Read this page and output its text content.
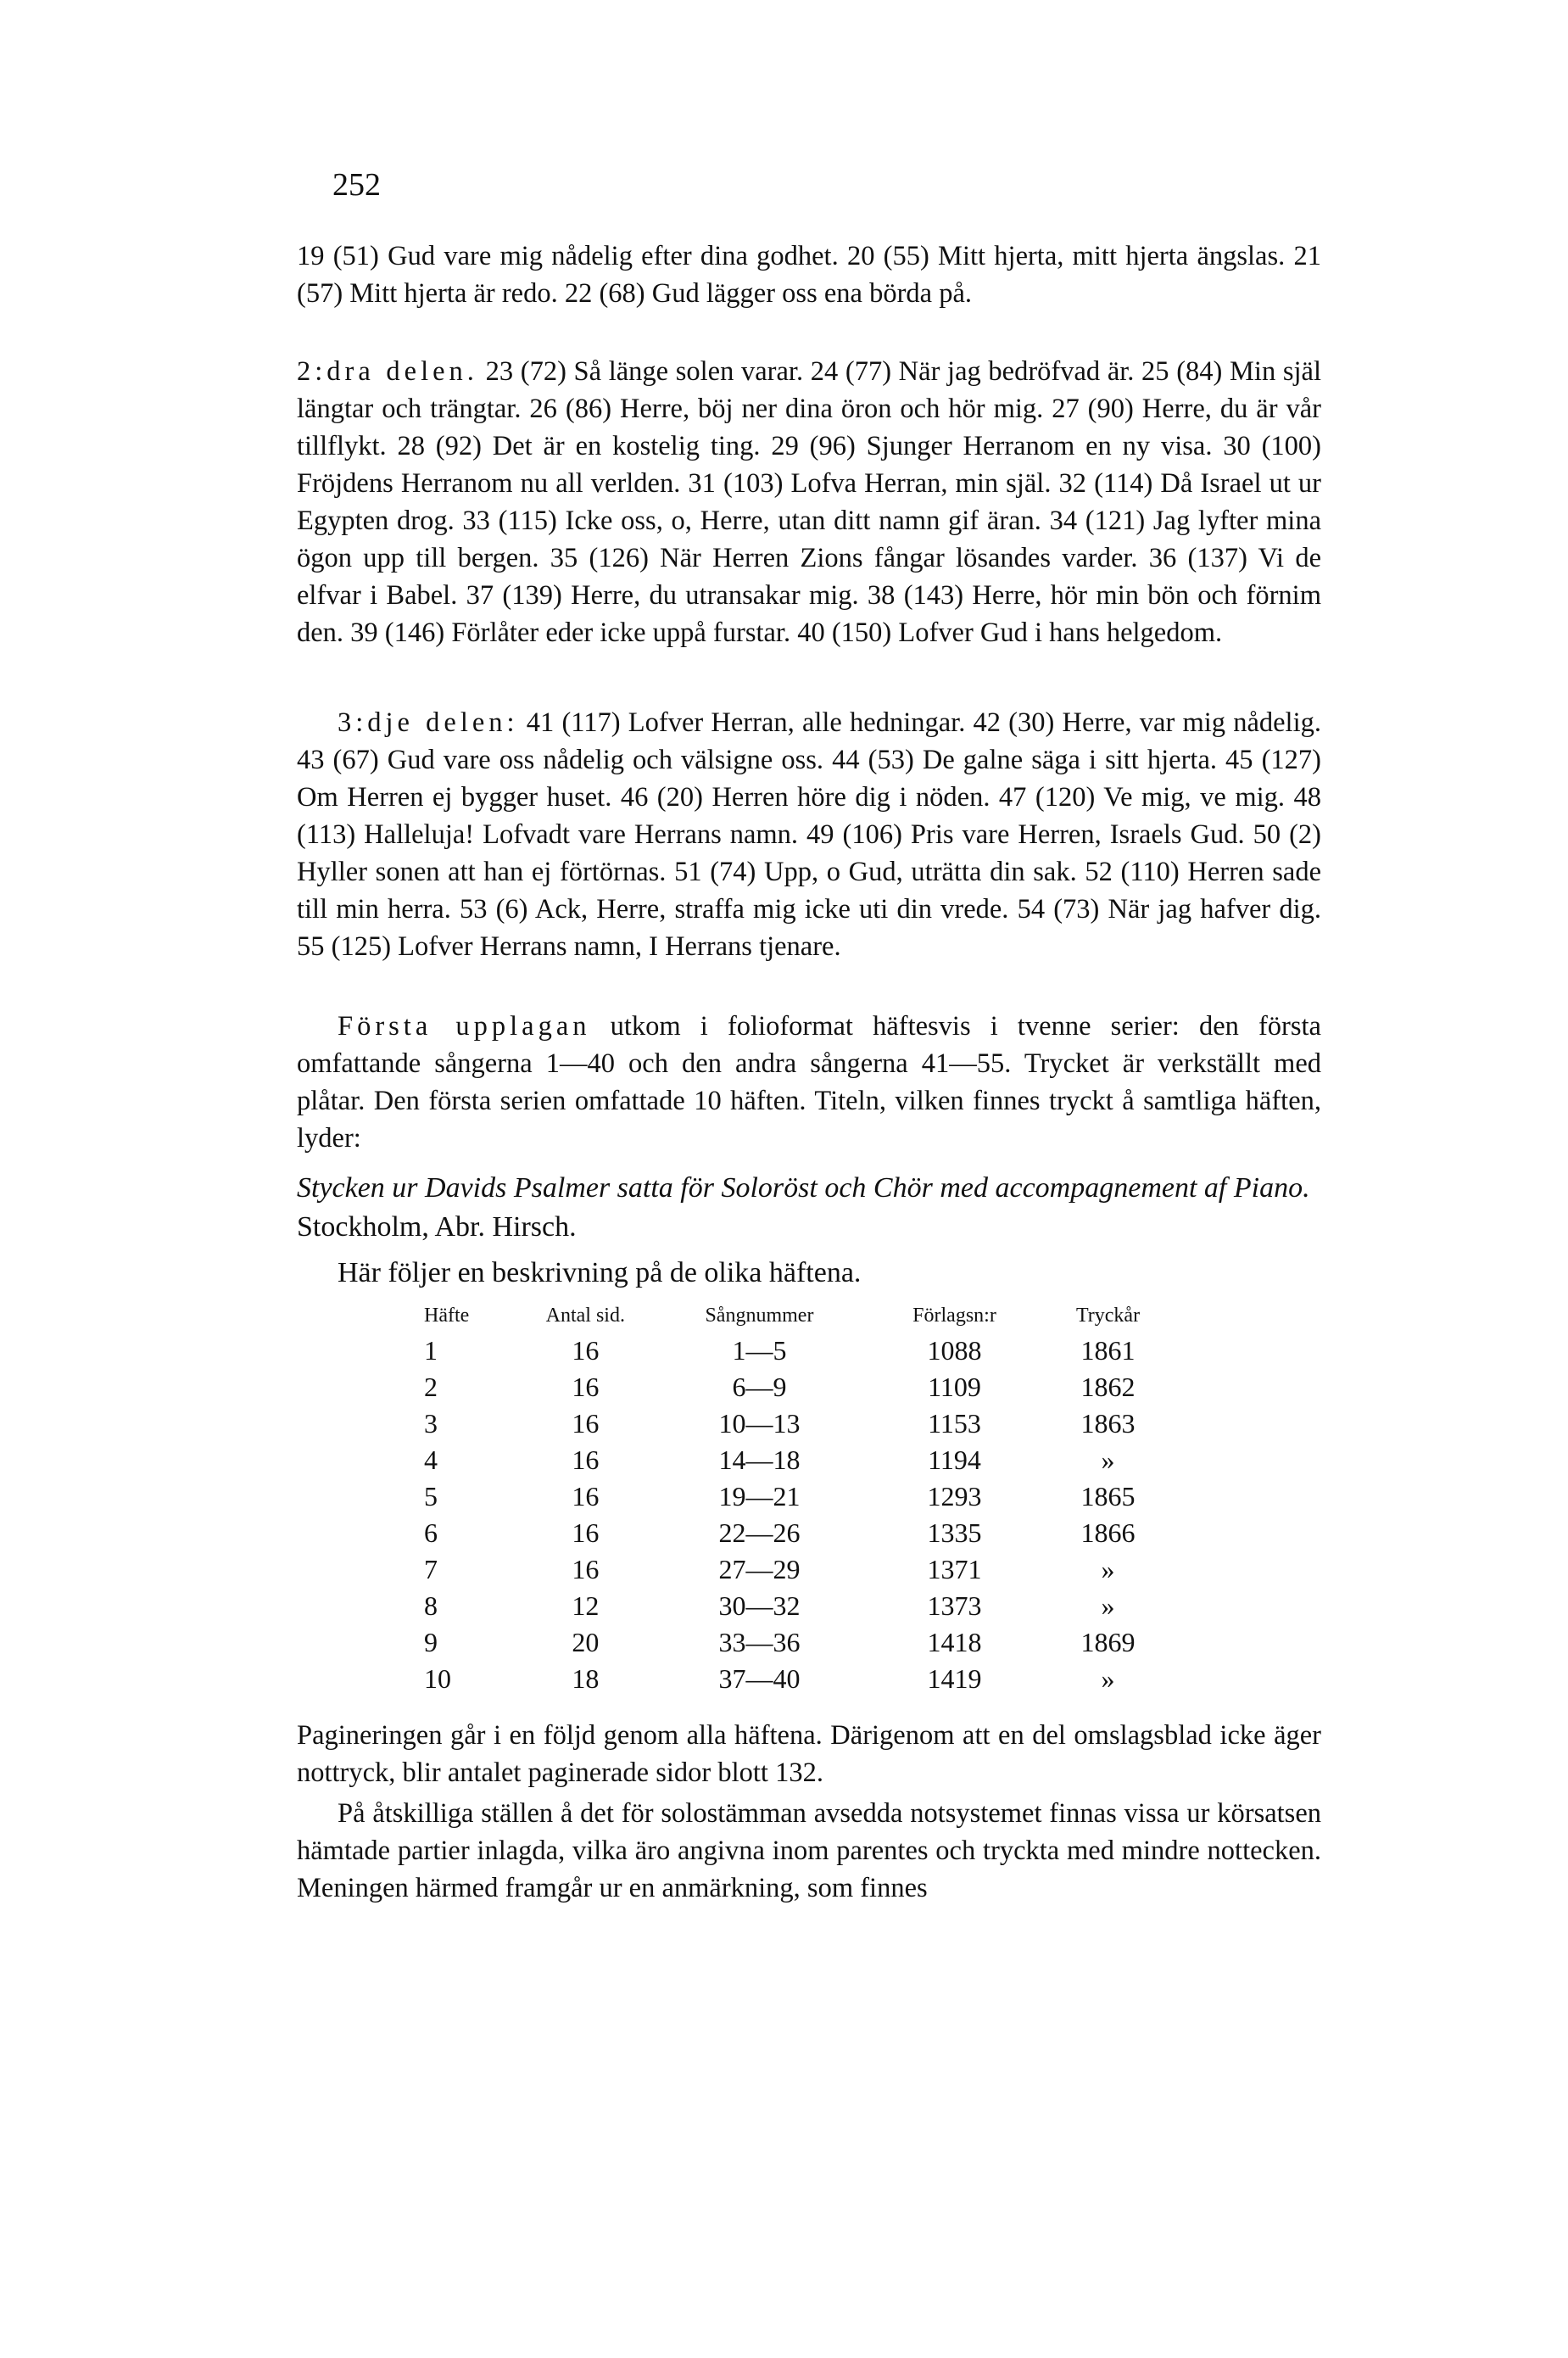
252

19 (51) Gud vare mig nådelig efter dina godhet. 20 (55) Mitt hjerta, mitt hjerta ängslas. 21 (57) Mitt hjerta är redo. 22 (68) Gud lägger oss ena börda på.

2:dra delen. 23 (72) Så länge solen varar. 24 (77) När jag bedröfvad är. 25 (84) Min själ längtar och trängtar. 26 (86) Herre, böj ner dina öron och hör mig. 27 (90) Herre, du är vår tillflykt. 28 (92) Det är en kostelig ting. 29 (96) Sjunger Herranom en ny visa. 30 (100) Fröjdens Herranom nu all verlden. 31 (103) Lofva Herran, min själ. 32 (114) Då Israel ut ur Egypten drog. 33 (115) Icke oss, o, Herre, utan ditt namn gif äran. 34 (121) Jag lyfter mina ögon upp till bergen. 35 (126) När Herren Zions fångar lösandes varder. 36 (137) Vi de elfvar i Babel. 37 (139) Herre, du utransakar mig. 38 (143) Herre, hör min bön och förnim den. 39 (146) Förlåter eder icke uppå furstar. 40 (150) Lofver Gud i hans helgedom.

3:dje delen: 41 (117) Lofver Herran, alle hedningar. 42 (30) Herre, var mig nådelig. 43 (67) Gud vare oss nådelig och välsigne oss. 44 (53) De galne säga i sitt hjerta. 45 (127) Om Herren ej bygger huset. 46 (20) Herren höre dig i nöden. 47 (120) Ve mig, ve mig. 48 (113) Halleluja! Lofvadt vare Herrans namn. 49 (106) Pris vare Herren, Israels Gud. 50 (2) Hyller sonen att han ej förtörnas. 51 (74) Upp, o Gud, uträtta din sak. 52 (110) Herren sade till min herra. 53 (6) Ack, Herre, straffa mig icke uti din vrede. 54 (73) När jag hafver dig. 55 (125) Lofver Herrans namn, I Herrans tjenare.

Första upplagan utkom i folioformat häftesvis i tvenne serier: den första omfattande sångerna 1—40 och den andra sångerna 41—55. Trycket är verkställt med plåtar. Den första serien omfattade 10 häften. Titeln, vilken finnes tryckt å samtliga häften, lyder:

Stycken ur Davids Psalmer satta för Soloröst och Chör med accompagnement af Piano. Stockholm, Abr. Hirsch.
Här följer en beskrivning på de olika häftena.
Häfte	Antal sid.	Sångnummer	Förlagsn:r	Tryckår
1	16	1—5	1088	1861
2	16	6—9	1109	1862
3	16	10—13	1153	1863
4	16	14—18	1194	»
5	16	19—21	1293	1865
6	16	22—26	1335	1866
7	16	27—29	1371	»
8	12	30—32	1373	»
9	20	33—36	1418	1869
10	18	37—40	1419	»

Pagineringen går i en följd genom alla häftena. Därigenom att en del omslagsblad icke äger nottryck, blir antalet paginerade sidor blott 132.

På åtskilliga ställen å det för solostämman avsedda notsystemet finnas vissa ur körsatsen hämtade partier inlagda, vilka äro angivna inom parentes och tryckta med mindre nottecken. Meningen härmed framgår ur en anmärkning, som finnes
